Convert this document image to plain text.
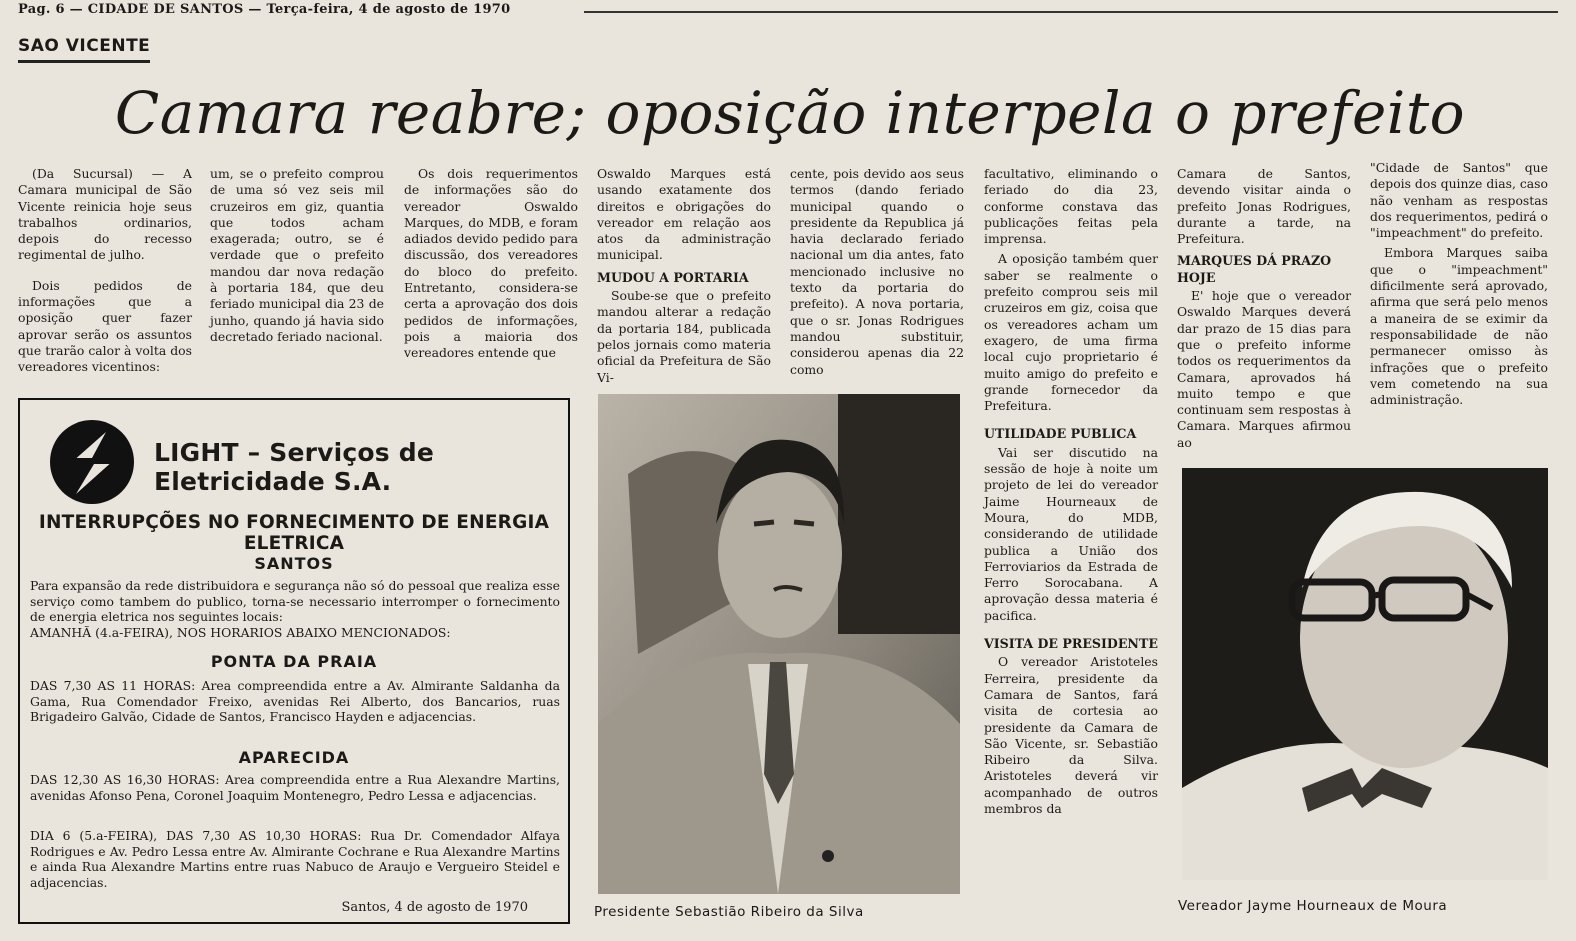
Pag. 6 — CIDADE DE SANTOS — Terça-feira, 4 de agosto de 1970
SAO VICENTE
Camara reabre; oposição interpela o prefeito

(Da Sucursal) — A Camara municipal de São Vicente reinicia hoje seus trabalhos ordinarios, depois do recesso regimental de julho.

Dois pedidos de informações que a oposição quer fazer aprovar serão os assuntos que trarão calor à volta dos vereadores vicentinos:

um, se o prefeito comprou de uma só vez seis mil cruzeiros em giz, quantia que todos acham exagerada; outro, se é verdade que o prefeito mandou dar nova redação à portaria 184, que deu feriado municipal dia 23 de junho, quando já havia sido decretado feriado nacional.

Os dois requerimentos de informações são do vereador Oswaldo Marques, do MDB, e foram adiados devido pedido para discussão, dos vereadores do bloco do prefeito. Entretanto, considera-se certa a aprovação dos dois pedidos de informações, pois a maioria dos vereadores entende que

Oswaldo Marques está usando exatamente dos direitos e obrigações do vereador em relação aos atos da administração municipal.

MUDOU A PORTARIA

Soube-se que o prefeito mandou alterar a redação da portaria 184, publicada pelos jornais como materia oficial da Prefeitura de São Vi-

cente, pois devido aos seus termos (dando feriado municipal quando o presidente da Republica já havia declarado feriado nacional um dia antes, fato mencionado inclusive no texto da portaria do prefeito). A nova portaria, que o sr. Jonas Rodrigues mandou substituir, considerou apenas dia 22 como

facultativo, eliminando o feriado do dia 23, conforme constava das publicações feitas pela imprensa.

A oposição também quer saber se realmente o prefeito comprou seis mil cruzeiros em giz, coisa que os vereadores acham um exagero, de uma firma local cujo proprietario é muito amigo do prefeito e grande fornecedor da Prefeitura.

UTILIDADE PUBLICA

Vai ser discutido na sessão de hoje à noite um projeto de lei do vereador Jaime Hourneaux de Moura, do MDB, considerando de utilidade publica a União dos Ferroviarios da Estrada de Ferro Sorocabana. A aprovação dessa materia é pacifica.

VISITA DE PRESIDENTE

O vereador Aristoteles Ferreira, presidente da Camara de Santos, fará visita de cortesia ao presidente da Camara de São Vicente, sr. Sebastião Ribeiro da Silva. Aristoteles deverá vir acompanhado de outros membros da

Camara de Santos, devendo visitar ainda o prefeito Jonas Rodrigues, durante a tarde, na Prefeitura.

MARQUES DÁ PRAZO HOJE

E' hoje que o vereador Oswaldo Marques deverá dar prazo de 15 dias para que o prefeito informe todos os requerimentos da Camara, aprovados há muito tempo e que continuam sem respostas à Camara. Marques afirmou ao

"Cidade de Santos" que depois dos quinze dias, caso não venham as respostas dos requerimentos, pedirá o "impeachment" do prefeito.

Embora Marques saiba que o "impeachment" dificilmente será aprovado, afirma que será pelo menos a maneira de se eximir da responsabilidade de não permanecer omisso às infrações que o prefeito vem cometendo na sua administração.

LIGHT – Serviços de Eletricidade S.A.
INTERRUPÇÕES NO FORNECIMENTO DE ENERGIA ELETRICA
SANTOS
Para expansão da rede distribuidora e segurança não só do pessoal que realiza esse serviço como tambem do publico, torna-se necessario interromper o fornecimento de energia eletrica nos seguintes locais:
AMANHÃ (4.a-FEIRA), NOS HORARIOS ABAIXO MENCIONADOS:
PONTA DA PRAIA
DAS 7,30 AS 11 HORAS: Area compreendida entre a Av. Almirante Saldanha da Gama, Rua Comendador Freixo, avenidas Rei Alberto, dos Bancarios, ruas Brigadeiro Galvão, Cidade de Santos, Francisco Hayden e adjacencias.
APARECIDA
DAS 12,30 AS 16,30 HORAS: Area compreendida entre a Rua Alexandre Martins, avenidas Afonso Pena, Coronel Joaquim Montenegro, Pedro Lessa e adjacencias.
DIA 6 (5.a-FEIRA), DAS 7,30 AS 10,30 HORAS: Rua Dr. Comendador Alfaya Rodrigues e Av. Pedro Lessa entre Av. Almirante Cochrane e Rua Alexandre Martins e ainda Rua Alexandre Martins entre ruas Nabuco de Araujo e Vergueiro Steidel e adjacencias.
Santos, 4 de agosto de 1970	Presidente Sebastião Ribeiro da Silva	Vereador Jayme Hourneaux de Moura
